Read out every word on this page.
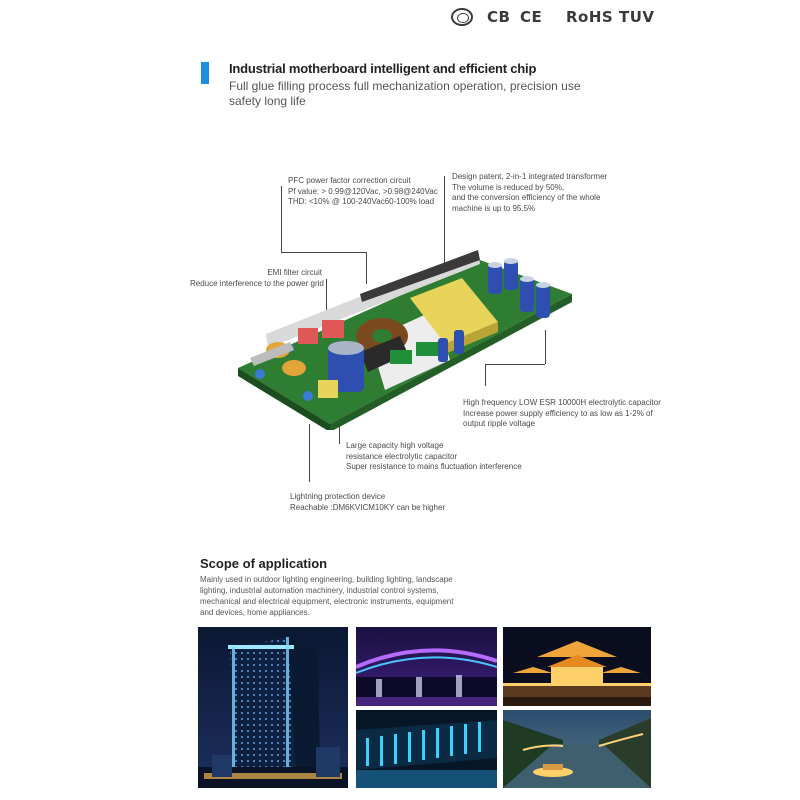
CB CE RoHS TUV
Industrial motherboard intelligent and efficient chip
Full glue filling process full mechanization operation, precision use safety long life
PFC power factor correction circuit
Pf value: > 0.99@120Vac, >0.98@240Vac
THD: <10% @ 100-240Vac60-100% load
Design patent, 2-in-1 integrated transformer
The volume is reduced by 50%,
and the conversion efficiency of the whole
machine is up to 95.5%
EMI filter circuit
Reduce interference to the power grid
High frequency LOW ESR 10000H electrolytic capacitor
Increase power supply efficiency to as low as 1-2% of
output ripple voltage
Large capacity high voltage
resistance electrolytic capacitor
Super resistance to mains fluctuation interference
Lightning protection device
Reachable :DM6KVICM10KY can be higher
Scope of application
Mainly used in outdoor lighting engineering, building lighting, landscape lighting, industrial automation machinery, industrial control systems, mechanical and electrical equipment, electronic instruments, equipment and devices, home appliances.
